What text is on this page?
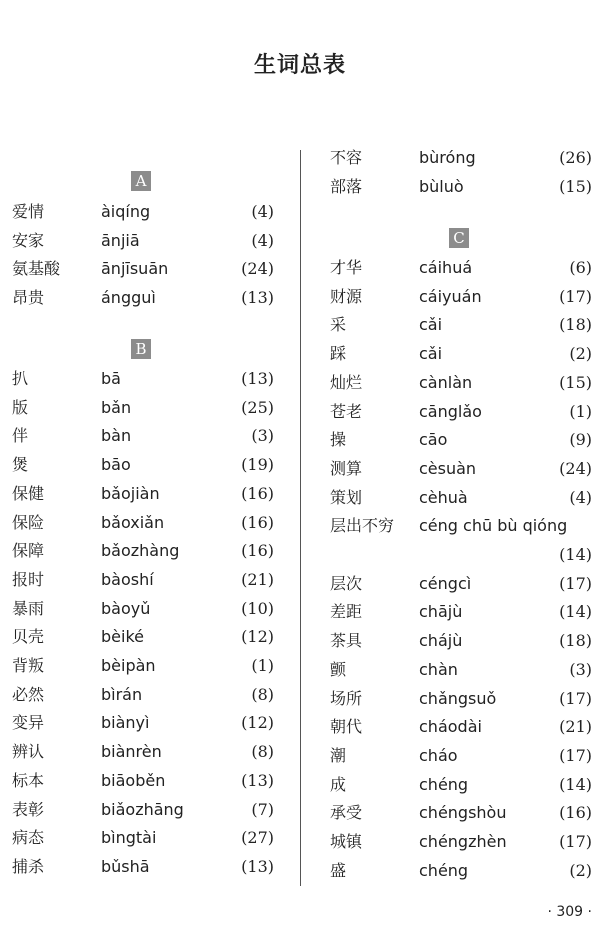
生词总表
A
爱情	àiqíng	(4)
安家	ānjiā	(4)
氨基酸	ānjīsuān	(24)
昂贵	ángguì	(13)
B
扒	bā	(13)
版	bǎn	(25)
伴	bàn	(3)
煲	bāo	(19)
保健	bǎojiàn	(16)
保险	bǎoxiǎn	(16)
保障	bǎozhàng	(16)
报时	bàoshí	(21)
暴雨	bàoyǔ	(10)
贝壳	bèiké	(12)
背叛	bèipàn	(1)
必然	bìrán	(8)
变异	biànyì	(12)
辨认	biànrèn	(8)
标本	biāoběn	(13)
表彰	biǎozhāng	(7)
病态	bìngtài	(27)
捕杀	bǔshā	(13)
不容	bùróng	(26)
部落	bùluò	(15)
C
才华	cáihuá	(6)
财源	cáiyuán	(17)
采	cǎi	(18)
踩	cǎi	(2)
灿烂	cànlàn	(15)
苍老	cānglǎo	(1)
操	cāo	(9)
测算	cèsuàn	(24)
策划	cèhuà	(4)
层出不穷 céng chū bù qióng
(14)
层次	céngcì	(17)
差距	chājù	(14)
茶具	chájù	(18)
颤	chàn	(3)
场所	chǎngsuǒ	(17)
朝代	cháodài	(21)
潮	cháo	(17)
成	chéng	(14)
承受	chéngshòu	(16)
城镇	chéngzhèn	(17)
盛	chéng	(2)
· 309 ·
